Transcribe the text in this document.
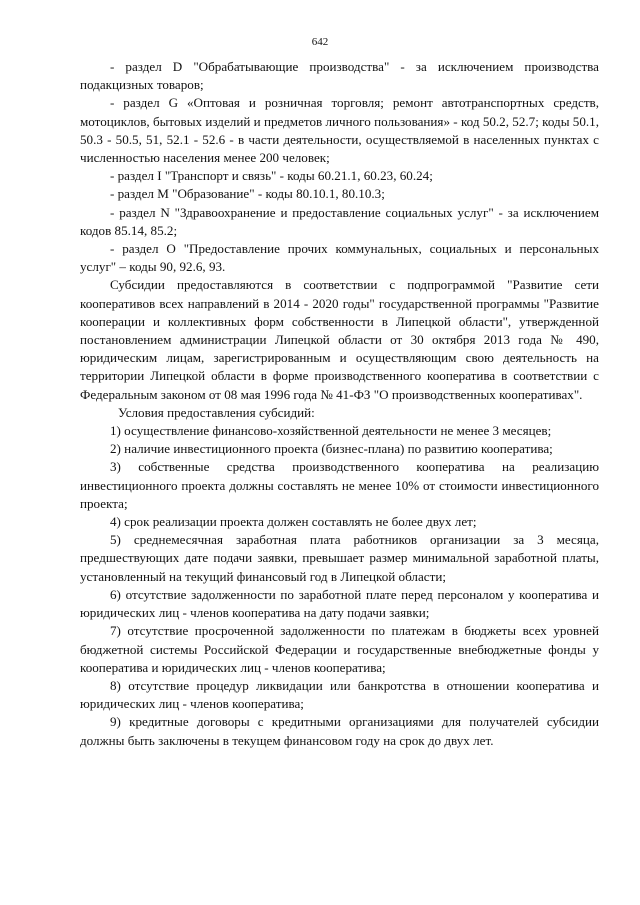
642

- раздел D "Обрабатывающие производства" - за исключением производства подакцизных товаров;

- раздел G «Оптовая и розничная торговля; ремонт автотранспортных средств, мотоциклов, бытовых изделий и предметов личного пользования» - код 50.2, 52.7; коды 50.1, 50.3 - 50.5, 51, 52.1 - 52.6 - в части деятельности, осуществляемой в населенных пунктах с численностью населения менее 200 человек;

- раздел I "Транспорт и связь" - коды 60.21.1, 60.23, 60.24;

- раздел M "Образование" - коды 80.10.1, 80.10.3;

- раздел N "Здравоохранение и предоставление социальных услуг" - за исключением кодов 85.14, 85.2;

- раздел O "Предоставление прочих коммунальных, социальных и персональных услуг" – коды 90, 92.6, 93.

Субсидии предоставляются в соответствии с подпрограммой "Развитие сети кооперативов всех направлений в 2014 - 2020 годы" государственной программы "Развитие кооперации и коллективных форм собственности в Липецкой области", утвержденной постановлением администрации Липецкой области от 30 октября 2013 года № 490, юридическим лицам, зарегистрированным и осуществляющим свою деятельность на территории Липецкой области в форме производственного кооператива в соответствии с Федеральным законом от 08 мая 1996 года № 41-ФЗ "О производственных кооперативах".

Условия предоставления субсидий:

1) осуществление финансово-хозяйственной деятельности не менее 3 месяцев;

2) наличие инвестиционного проекта (бизнес-плана) по развитию кооператива;

3) собственные средства производственного кооператива на реализацию инвестиционного проекта должны составлять не менее 10% от стоимости инвестиционного проекта;

4) срок реализации проекта должен составлять не более двух лет;

5) среднемесячная заработная плата работников организации за 3 месяца, предшествующих дате подачи заявки, превышает размер минимальной заработной платы, установленный на текущий финансовый год в Липецкой области;

6) отсутствие задолженности по заработной плате перед персоналом у кооператива и юридических лиц - членов кооператива на дату подачи заявки;

7) отсутствие просроченной задолженности по платежам в бюджеты всех уровней бюджетной системы Российской Федерации и государственные внебюджетные фонды у кооператива и юридических лиц - членов кооператива;

8) отсутствие процедур ликвидации или банкротства в отношении кооператива и юридических лиц - членов кооператива;

9) кредитные договоры с кредитными организациями для получателей субсидии должны быть заключены в текущем финансовом году на срок до двух лет.
